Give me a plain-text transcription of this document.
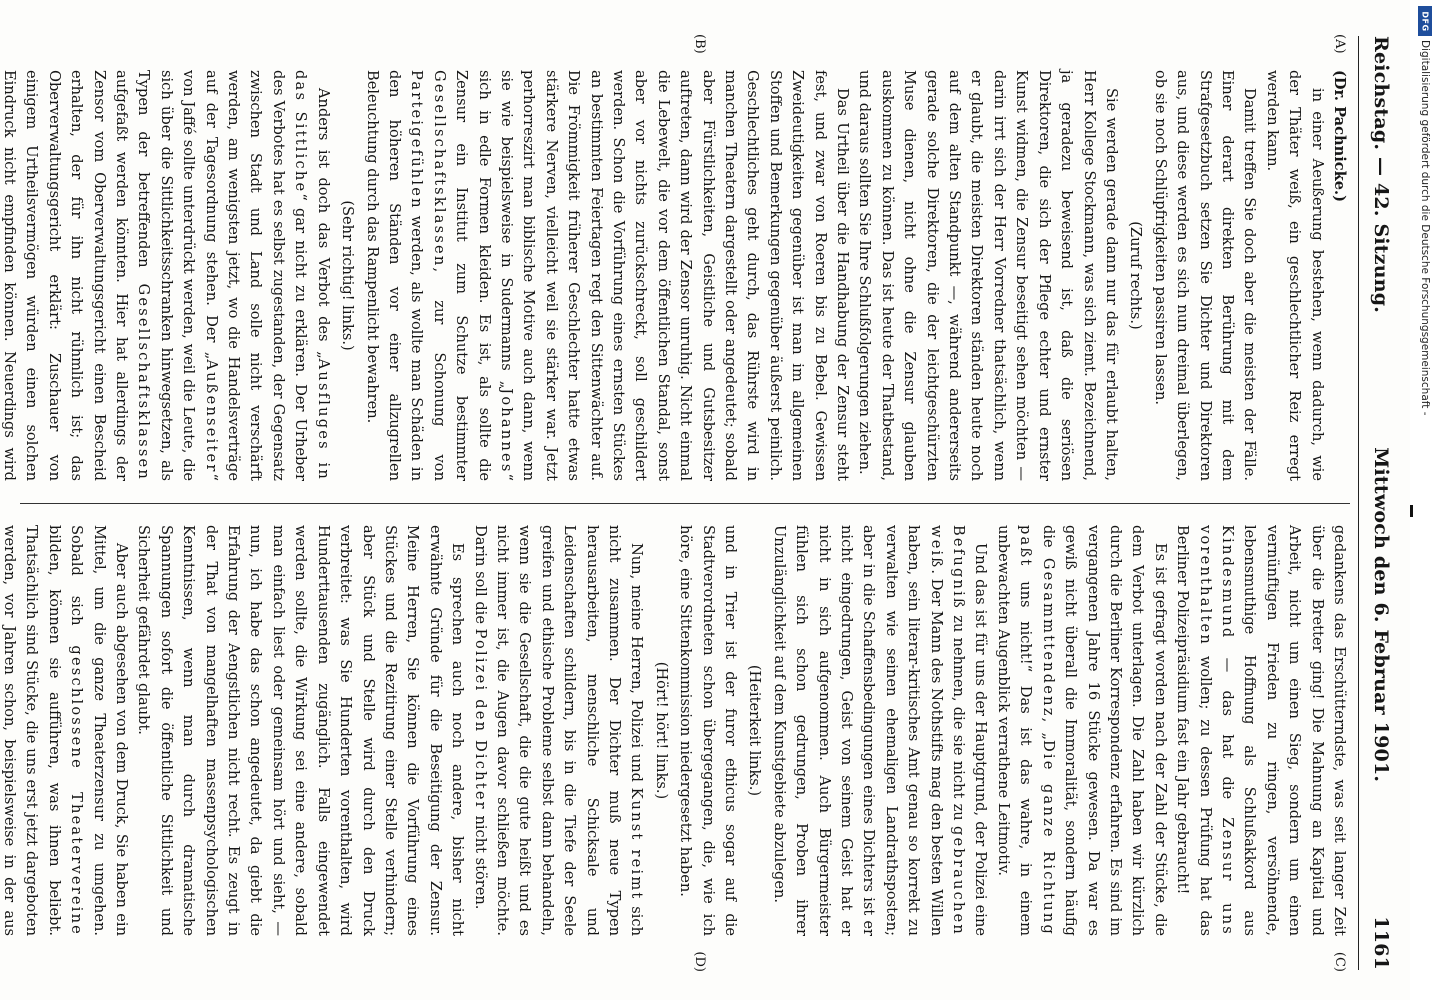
Reichstag. — 42. Sitzung.
Mittwoch den 6. Februar 1901.
1161
(A)
(B)

(Dr. Pachnicke.)

in einer Aeußerung bestehen, wenn dadurch, wie der Thäter weiß, ein geschlechtlicher Reiz erregt werden kann.

Damit treffen Sie doch aber die meisten der Fälle. Einer derart direkten Berührung mit dem Strafgesetzbuch setzen Sie Dichter und Direktoren aus, und diese werden es sich nun dreimal überlegen, ob sie noch Schlüpfrigkeiten passiren lassen.

(Zuruf rechts.)

Sie werden gerade dann nur das für erlaubt halten, Herr Kollege Stockmann, was sich ziemt. Bezeichnend, ja geradezu beweisend ist, daß die seriösen Direktoren, die sich der Pflege echter und ernster Kunst widmen, die Zensur beseitigt sehen möchten — darin irrt sich der Herr Vorredner thatsächlich, wenn er glaubt, die meisten Direktoren ständen heute noch auf dem alten Standpunkt —, während andererseits gerade solche Direktoren, die der leichtgeschürzten Muse dienen, nicht ohne die Zensur glauben auskommen zu können. Das ist heute der Thatbestand, und daraus sollten Sie Ihre Schlußfolgerungen ziehen.

Das Urtheil über die Handhabung der Zensur steht fest, und zwar von Roeren bis zu Bebel. Gewissen Zweideutigkeiten gegenüber ist man im allgemeinen Stoffen und Bemerkungen gegenüber äußerst peinlich. Geschlechtliches geht durch, das Rührste wird in manchen Theatern dargestellt oder angedeutet; sobald aber Fürstlichkeiten, Geistliche und Gutsbesitzer auftreten, dann wird der Zensor unruhig. Nicht einmal die Lebewelt, die vor dem öffentlichen Standal, sonst aber vor nichts zurückschreckt, soll geschildert werden. Schon die Vorführung eines ernsten Stückes an bestimmten Feiertagen regt den Sittenwächter auf. Die Frömmigkeit früherer Geschlechter hatte etwas stärkere Nerven, vielleicht weil sie stärker war. Jetzt perhorreszirt man biblische Motive auch dann, wenn sie wie beispielsweise in Sudermanns „Johannes“ sich in edle Formen kleiden. Es ist, als sollte die Zensur ein Institut zum Schutze bestimmter Gesellschaftsklassen, zur Schonung von Parteigefühlen werden, als wollte man Schäden in den höheren Ständen vor einer allzugrellen Beleuchtung durch das Rampenlicht bewahren.

(Sehr richtig! links.)

Anders ist doch das Verbot des „Ausfluges in das Sittliche“ gar nicht zu erklären. Der Urheber des Verbotes hat es selbst zugestanden, der Gegensatz zwischen Stadt und Land solle nicht verschärft werden, am wenigsten jetzt, wo die Handelsverträge auf der Tagesordnung stehen. Der „Außenseiter“ von Jaffé sollte unterdrückt werden, weil die Leute, die sich über die Sittlichkeitsschranken hinwegsetzen, als Typen der betreffenden Gesellschaftsklassen aufgefaßt werden könnten. Hier hat allerdings der Zensor vom Oberverwaltungsgericht einen Bescheid erhalten, der für ihn nicht rühmlich ist; das Oberverwaltungsgericht erklärt: Zuschauer von einigem Urtheilsvermögen würden einen solchen Eindruck nicht empfinden können. Neuerdings wird

(C)
(D)

gedankens das Erschütterndste, was seit langer Zeit über die Bretter ging! Die Mahnung an Kapital und Arbeit, nicht um einen Sieg, sondern um einen vernünftigen Frieden zu ringen, versöhnende, lebensmuthige Hoffnung als Schlußakkord aus Kindesmund — das hat die Zensur uns vorenthalten wollen; zu dessen Prüfung hat das Berliner Polizeipräsidium fast ein Jahr gebraucht!

Es ist gefragt worden nach der Zahl der Stücke, die dem Verbot unterlagen. Die Zahl haben wir kürzlich durch die Berliner Korrespondenz erfahren. Es sind im vergangenen Jahre 16 Stücke gewesen. Da war es gewiß nicht überall die Immoralität, sondern häufig die Gesammttendenz, „Die ganze Richtung paßt uns nicht!“ Das ist das wahre, in einem unbewachten Augenblick verrathene Leitmotiv.

Und das ist für uns der Hauptgrund, der Polizei eine Befugniß zu nehmen, die sie nicht zu gebrauchen weiß. Der Mann des Nothstifts mag den besten Willen haben, sein literar-kritisches Amt genau so korrekt zu verwalten wie seinen ehemaligen Landrathsposten; aber in die Schaffensbedingungen eines Dichters ist er nicht eingedrungen, Geist von seinem Geist hat er nicht in sich aufgenommen. Auch Bürgermeister fühlen sich schon gedrungen, Proben ihrer Unzulänglichkeit auf dem Kunstgebiete abzulegen.

(Heiterkeit links.)

und in Trier ist der furor ethicus sogar auf die Stadtverordneten schon übergegangen, die, wie ich höre, eine Sittenkommission niedergesetzt haben.

(Hört! hört! links.)

Nun, meine Herren, Polizei und Kunst reimt sich nicht zusammen. Der Dichter muß neue Typen herausarbeiten, menschliche Schicksale und Leidenschaften schildern, bis in die Tiefe der Seele greifen und ethische Probleme selbst dann behandeln, wenn sie die Gesellschaft, die die gute heißt und es nicht immer ist, die Augen davor schließen möchte. Darin soll die Polizei den Dichter nicht stören.

Es sprechen auch noch andere, bisher nicht erwähnte Gründe für die Beseitigung der Zensur. Meine Herren, Sie können die Vorführung eines Stückes und die Rezitirung einer Stelle verhindern; aber Stück und Stelle wird durch den Druck verbreitet: was Sie Hunderten vorenthalten, wird Hunderttausenden zugänglich. Falls eingewendet werden sollte, die Wirkung sei eine andere, sobald man einfach liest oder gemeinsam hört und sieht, — nun, ich habe das schon angedeutet, da giebt die Erfahrung der Aengstlichen nicht recht. Es zeugt in der That von mangelhaften massenpsychologischen Kenntnissen, wenn man durch dramatische Spannungen sofort die öffentliche Sittlichkeit und Sicherheit gefährdet glaubt.

Aber auch abgesehen von dem Druck, Sie haben ein Mittel, um die ganze Theaterzensur zu umgehen. Sobald sich geschlossene Theatervereine bilden, können sie aufführen, was ihnen beliebt. Thatsächlich sind Stücke, die uns erst jetzt dargeboten werden, vor Jahren schon, beispielsweise in der aus

Digitalisierung gefördert durch die Deutsche Forschungsgemeinschaft -
DFG
